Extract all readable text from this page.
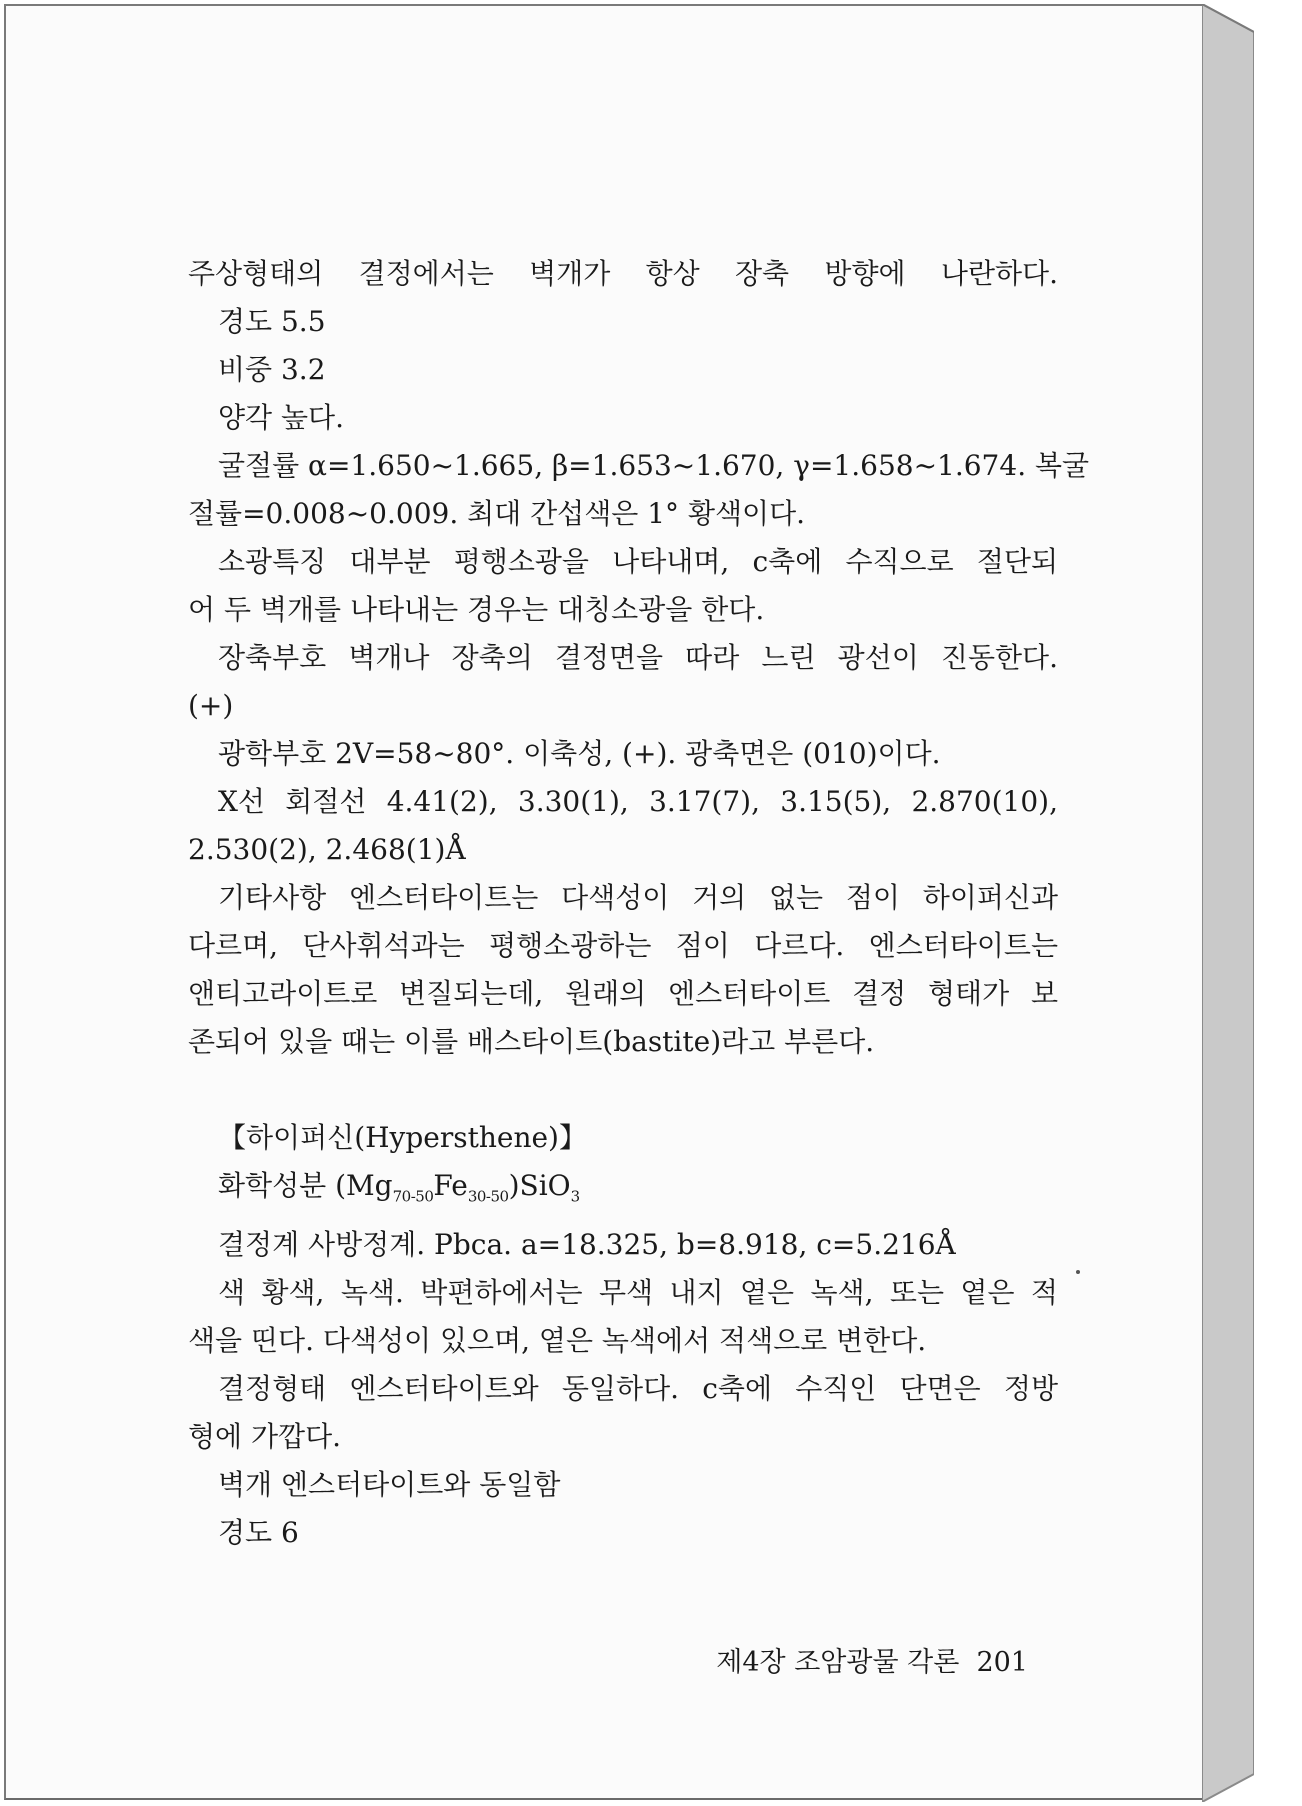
주상형태의 결정에서는 벽개가 항상 장축 방향에 나란하다.
경도 5.5
비중 3.2
양각 높다.
굴절률 α=1.650~1.665, β=1.653~1.670, γ=1.658~1.674. 복굴
절률=0.008~0.009. 최대 간섭색은 1° 황색이다.
소광특징 대부분 평행소광을 나타내며, c축에 수직으로 절단되
어 두 벽개를 나타내는 경우는 대칭소광을 한다.
장축부호 벽개나 장축의 결정면을 따라 느린 광선이 진동한다.
(+)
광학부호 2V=58~80°. 이축성, (+). 광축면은 (010)이다.
X선 회절선 4.41(2), 3.30(1), 3.17(7), 3.15(5), 2.870(10),
2.530(2), 2.468(1)Å
기타사항 엔스터타이트는 다색성이 거의 없는 점이 하이퍼신과
다르며, 단사휘석과는 평행소광하는 점이 다르다. 엔스터타이트는
앤티고라이트로 변질되는데, 원래의 엔스터타이트 결정 형태가 보
존되어 있을 때는 이를 배스타이트(bastite)라고 부른다.
【하이퍼신(Hypersthene)】
화학성분 $(Mg_{70-50}Fe_{30-50})SiO_3$
결정계 사방정계. Pbca. a=18.325, b=8.918, c=5.216Å
색 황색, 녹색. 박편하에서는 무색 내지 옅은 녹색, 또는 옅은 적
색을 띤다. 다색성이 있으며, 옅은 녹색에서 적색으로 변한다.
결정형태 엔스터타이트와 동일하다. c축에 수직인 단면은 정방
형에 가깝다.
벽개 엔스터타이트와 동일함
경도 6
제4장 조암광물 각론 201
